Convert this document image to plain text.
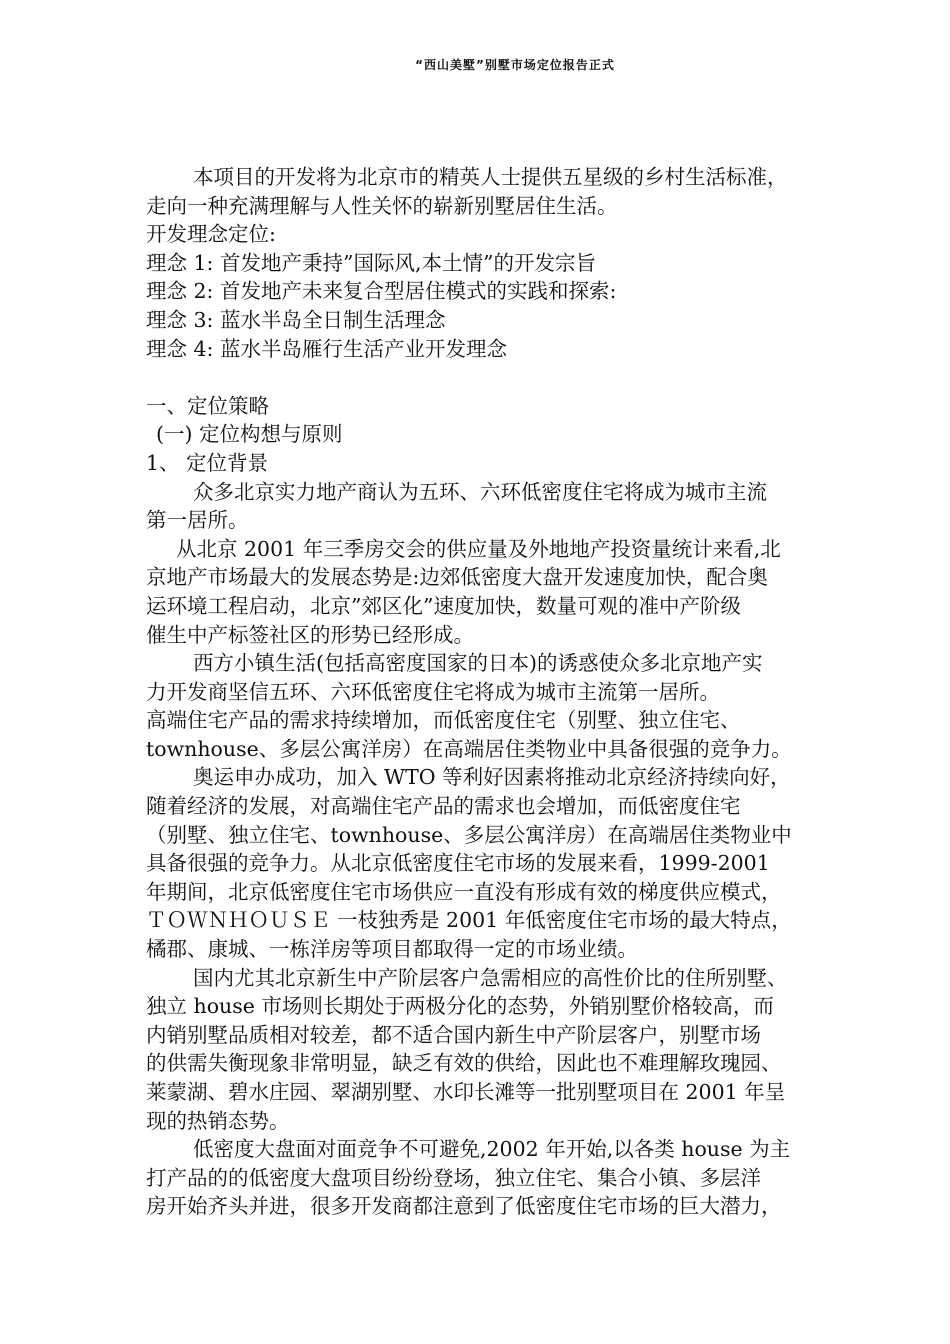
“西山美墅”别墅市场定位报告正式
本项目的开发将为北京市的精英人士提供五星级的乡村生活标准，
走向一种充满理解与人性关怀的崭新别墅居住生活。
开发理念定位:
理念 1: 首发地产秉持”国际风,本土情”的开发宗旨
理念 2: 首发地产未来复合型居住模式的实践和探索:
理念 3: 蓝水半岛全日制生活理念
理念 4: 蓝水半岛雁行生活产业开发理念
一、定位策略
(一) 定位构想与原则
1、 定位背景
众多北京实力地产商认为五环、六环低密度住宅将成为城市主流
第一居所。
从北京 2001 年三季房交会的供应量及外地地产投资量统计来看,北
京地产市场最大的发展态势是:边郊低密度大盘开发速度加快，配合奥
运环境工程启动，北京”郊区化”速度加快，数量可观的准中产阶级
催生中产标签社区的形势已经形成。
西方小镇生活(包括高密度国家的日本)的诱惑使众多北京地产实
力开发商坚信五环、六环低密度住宅将成为城市主流第一居所。
高端住宅产品的需求持续增加，而低密度住宅（别墅、独立住宅、
townhouse、多层公寓洋房）在高端居住类物业中具备很强的竞争力。
奥运申办成功，加入 WTO 等利好因素将推动北京经济持续向好，
随着经济的发展，对高端住宅产品的需求也会增加，而低密度住宅
（别墅、独立住宅、townhouse、多层公寓洋房）在高端居住类物业中
具备很强的竞争力。从北京低密度住宅市场的发展来看，1999-2001
年期间，北京低密度住宅市场供应一直没有形成有效的梯度供应模式，
ＴＯＷＮＨＯＵＳＥ 一枝独秀是 2001 年低密度住宅市场的最大特点，
橘郡、康城、一栋洋房等项目都取得一定的市场业绩。
国内尤其北京新生中产阶层客户急需相应的高性价比的住所别墅、
独立 house 市场则长期处于两极分化的态势，外销别墅价格较高，而
内销别墅品质相对较差，都不适合国内新生中产阶层客户，别墅市场
的供需失衡现象非常明显，缺乏有效的供给，因此也不难理解玫瑰园、
莱蒙湖、碧水庄园、翠湖别墅、水印长滩等一批别墅项目在 2001 年呈
现的热销态势。
低密度大盘面对面竞争不可避免,2002 年开始,以各类 house 为主
打产品的的低密度大盘项目纷纷登场，独立住宅、集合小镇、多层洋
房开始齐头并进，很多开发商都注意到了低密度住宅市场的巨大潜力，
